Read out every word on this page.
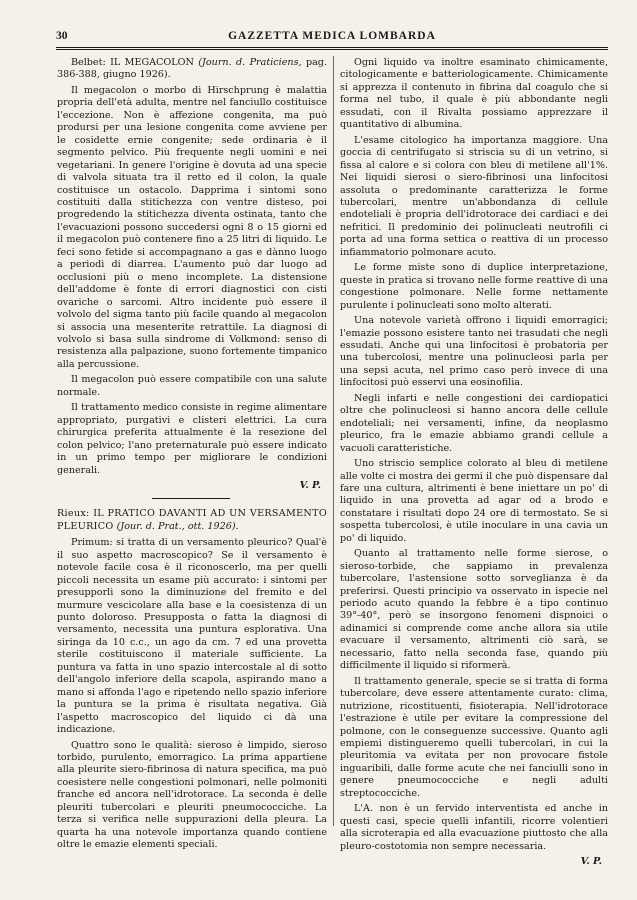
30	GAZZETTA MEDICA LOMBARDA

Belbet: IL MEGACOLON (Journ. d. Praticiens, pag. 386-388, giugno 1926).

Il megacolon o morbo di Hirschprung è malattia propria dell'età adulta, mentre nel fanciullo costituisce l'eccezione. Non è affezione congenita, ma può prodursi per una lesione congenita come avviene per le cosidette ernie congenite; sede ordinaria è il segmento pelvico. Più frequente negli uomini e nei vegetariani. In genere l'origine è dovuta ad una specie di valvola situata tra il retto ed il colon, la quale costituisce un ostacolo. Dapprima i sintomi sono costituiti dalla stitichezza con ventre disteso, poi progredendo la stitichezza diventa ostinata, tanto che l'evacuazioni possono succedersi ogni 8 o 15 giorni ed il megacolon può contenere fino a 25 litri di liquido. Le feci sono fetide si accompagnano a gas e dànno luogo a periodi di diarrea. L'aumento può dar luogo ad occlusioni più o meno incomplete. La distensione dell'addome è fonte di errori diagnostici con cisti ovariche o sarcomi. Altro incidente può essere il volvolo del sigma tanto più facile quando al megacolon si associa una mesenterite retrattile. La diagnosi di volvolo si basa sulla sindrome di Volkmond: senso di resistenza alla palpazione, suono fortemente timpanico alla percussione.

Il megacolon può essere compatibile con una salute normale.

Il trattamento medico consiste in regime alimentare appropriato, purgativi e clisteri elettrici. La cura chirurgica preferita attualmente è la resezione del colon pelvico; l'ano preternaturale può essere indicato in un primo tempo per migliorare le condizioni generali.

V. P.

Rieux: IL PRATICO DAVANTI AD UN VERSAMENTO PLEURICO (Jour. d. Prat., ott. 1926).

Primum: si tratta di un versamento pleurico? Qual'è il suo aspetto macroscopico? Se il versamento è notevole facile cosa è il riconoscerlo, ma per quelli piccoli necessita un esame più accurato: i sintomi per presupporli sono la diminuzione del fremito e del murmure vescicolare alla base e la coesistenza di un punto doloroso. Presupposta o fatta la diagnosi di versamento, necessita una puntura esplorativa. Una siringa da 10 c.c., un ago da cm. 7 ed una provetta sterile costituiscono il materiale sufficiente. La puntura va fatta in uno spazio intercostale al di sotto dell'angolo inferiore della scapola, aspirando mano a mano si affonda l'ago e ripetendo nello spazio inferiore la puntura se la prima è risultata negativa. Già l'aspetto macroscopico del liquido ci dà una indicazione.

Quattro sono le qualità: sieroso è limpido, sieroso torbido, purulento, emorragico. La prima appartiene alla pleurite siero-fibrinosa di natura specifica, ma può coesistere nelle congestioni polmonari, nelle polmoniti franche ed ancora nell'idrotorace. La seconda è delle pleuriti tubercolari e pleuriti pneumococciche. La terza si verifica nelle suppurazioni della pleura. La quarta ha una notevole importanza quando contiene oltre le emazie elementi speciali.

Ogni liquido va inoltre esaminato chimicamente, citologicamente e batteriologicamente. Chimicamente si apprezza il contenuto in fibrina dal coagulo che si forma nel tubo, il quale è più abbondante negli essudati, con il Rivalta possiamo apprezzare il quantitativo di albumina.

L'esame citologico ha importanza maggiore. Una goccia di centrifugato si striscia su di un vetrino, si fissa al calore e si colora con bleu di metilene all'1%. Nei liquidi sierosi o siero-fibrinosi una linfocitosi assoluta o predominante caratterizza le forme tubercolari, mentre un'abbondanza di cellule endoteliali è propria dell'idrotorace dei cardiaci e dei nefritici. Il predominio dei polinucleati neutrofili ci porta ad una forma settica o reattiva di un processo infiammatorio polmonare acuto.

Le forme miste sono di duplice interpretazione, queste in pratica si trovano nelle forme reattive di una congestione polmonare. Nelle forme nettamente purulente i polinucleati sono molto alterati.

Una notevole varietà offrono i liquidi emorragici; l'emazie possono esistere tanto nei trasudati che negli essudati. Anche qui una linfocitosi è probatoria per una tubercolosi, mentre una polinucleosi parla per una sepsi acuta, nel primo caso però invece di una linfocitosi può esservi una eosinofilia.

Negli infarti e nelle congestioni dei cardiopatici oltre che polinucleosi si hanno ancora delle cellule endoteliali; nei versamenti, infine, da neoplasmo pleurico, fra le emazie abbiamo grandi cellule a vacuoli caratteristiche.

Uno striscio semplice colorato al bleu di metilene alle volte ci mostra dei germi il che può dispensare dal fare una cultura, altrimenti è bene iniettare un po' di liquido in una provetta ad agar od a brodo e constatare i risultati dopo 24 ore di termostato. Se si sospetta tubercolosi, è utile inoculare in una cavia un po' di liquido.

Quanto al trattamento nelle forme sierose, o sieroso-torbide, che sappiamo in prevalenza tubercolare, l'astensione sotto sorveglianza è da preferirsi. Questi principio va osservato in ispecie nel periodo acuto quando la febbre è a tipo continuo 39°-40°, però se insorgono fenomeni dispnoici o adinamici si comprende come anche allora sia utile evacuare il versamento, altrimenti ciò sarà, se necessario, fatto nella seconda fase, quando più difficilmente il liquido si riformerà.

Il trattamento generale, specie se si tratta di forma tubercolare, deve essere attentamente curato: clima, nutrizione, ricostituenti, fisioterapia. Nell'idrotorace l'estrazione è utile per evitare la compressione del polmone, con le conseguenze successive. Quanto agli empiemi distingueremo quelli tubercolari, in cui la pleuritomia va evitata per non provocare fistole inguaribili, dalle forme acute che nei fanciulli sono in genere pneumococciche e negli adulti streptococciche.

L'A. non è un fervido interventista ed anche in questi casi, specie quelli infantili, ricorre volentieri alla sicroterapia ed alla evacuazione piuttosto che alla pleuro-costotomia non sempre necessaria.

V. P.
